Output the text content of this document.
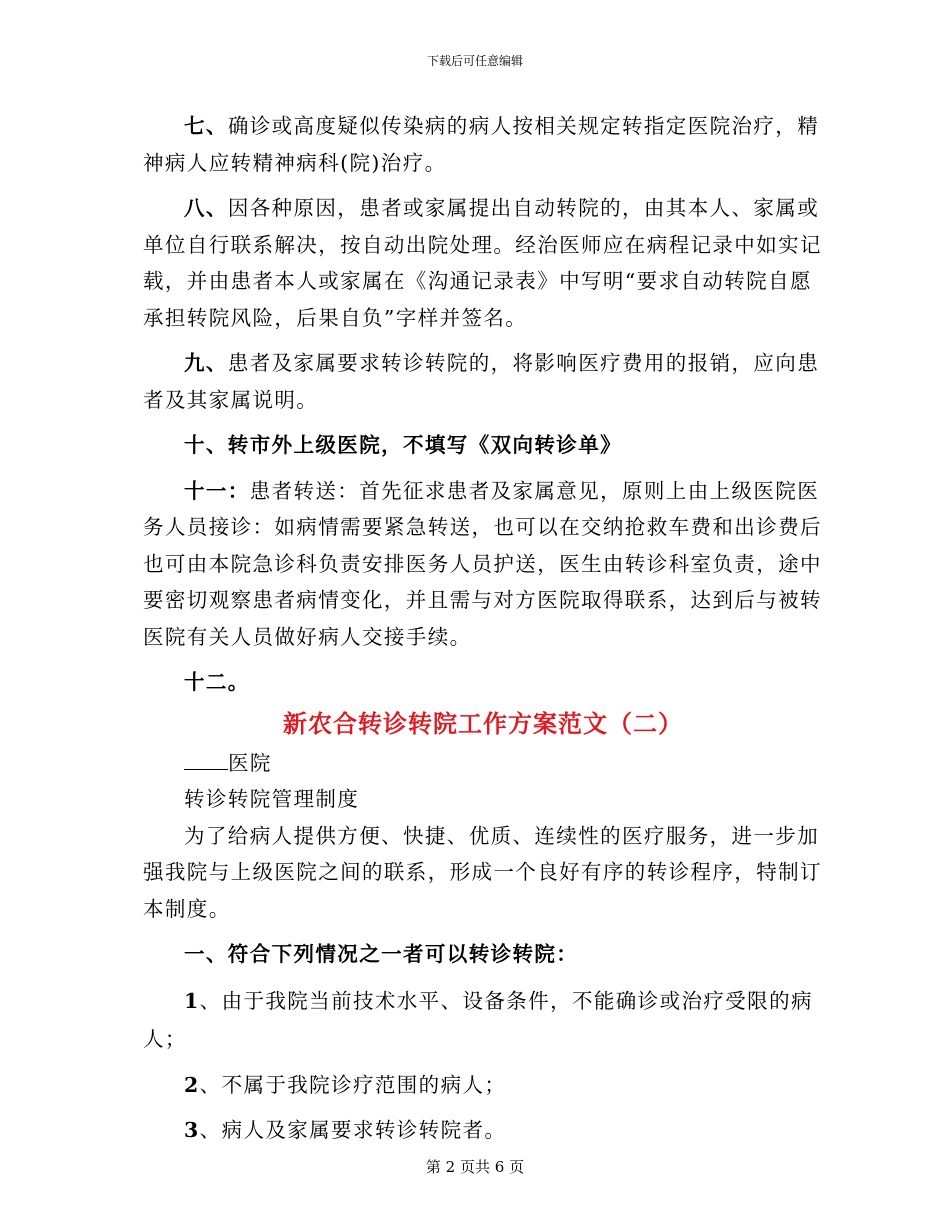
下载后可任意编辑

七、确诊或高度疑似传染病的病人按相关规定转指定医院治疗，精神病人应转精神病科(院)治疗。

八、因各种原因，患者或家属提出自动转院的，由其本人、家属或单位自行联系解决，按自动出院处理。经治医师应在病程记录中如实记载，并由患者本人或家属在《沟通记录表》中写明“要求自动转院自愿承担转院风险，后果自负”字样并签名。

九、患者及家属要求转诊转院的，将影响医疗费用的报销，应向患者及其家属说明。

十、转市外上级医院，不填写《双向转诊单》

十一：患者转送：首先征求患者及家属意见，原则上由上级医院医务人员接诊：如病情需要紧急转送，也可以在交纳抢救车费和出诊费后也可由本院急诊科负责安排医务人员护送，医生由转诊科室负责，途中要密切观察患者病情变化，并且需与对方医院取得联系，达到后与被转医院有关人员做好病人交接手续。

十二。

新农合转诊转院工作方案范文（二）

医院

转诊转院管理制度

为了给病人提供方便、快捷、优质、连续性的医疗服务，进一步加强我院与上级医院之间的联系，形成一个良好有序的转诊程序，特制订本制度。

一、符合下列情况之一者可以转诊转院：

1、由于我院当前技术水平、设备条件，不能确诊或治疗受限的病人；

2、不属于我院诊疗范围的病人；

3、病人及家属要求转诊转院者。

第 2 页共 6 页
